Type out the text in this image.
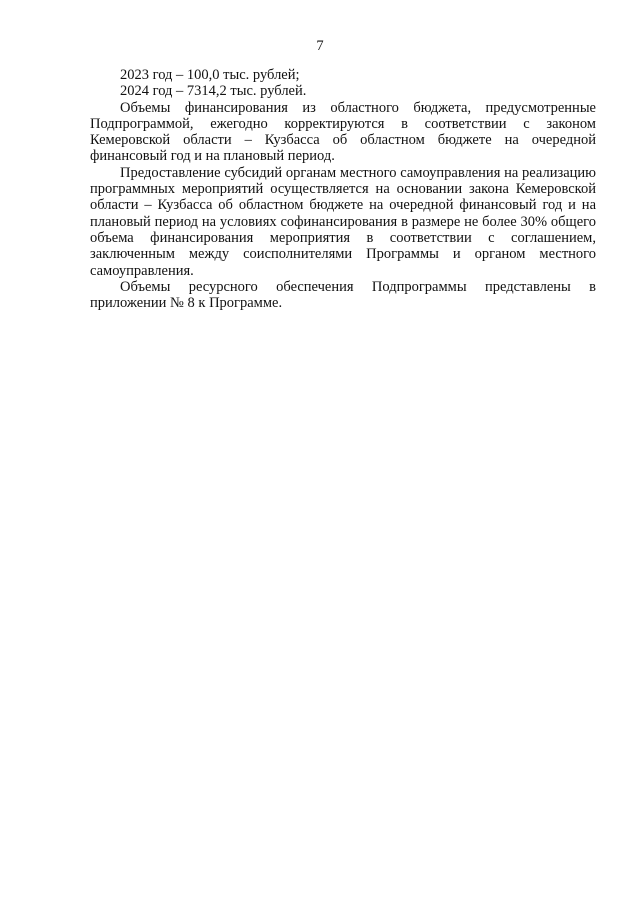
7

2023 год – 100,0 тыс. рублей;

2024 год – 7314,2 тыс. рублей.

Объемы финансирования из областного бюджета, предусмотренные Подпрограммой, ежегодно корректируются в соответствии с законом Кемеровской области – Кузбасса об областном бюджете на очередной финансовый год и на плановый период.

Предоставление субсидий органам местного самоуправления на реализацию программных мероприятий осуществляется на основании закона Кемеровской области – Кузбасса об областном бюджете на очередной финансовый год и на плановый период на условиях софинансирования в размере не более 30% общего объема финансирования мероприятия в соответствии с соглашением, заключенным между соисполнителями Программы и органом местного самоуправления.

Объемы ресурсного обеспечения Подпрограммы представлены в приложении № 8 к Программе.
